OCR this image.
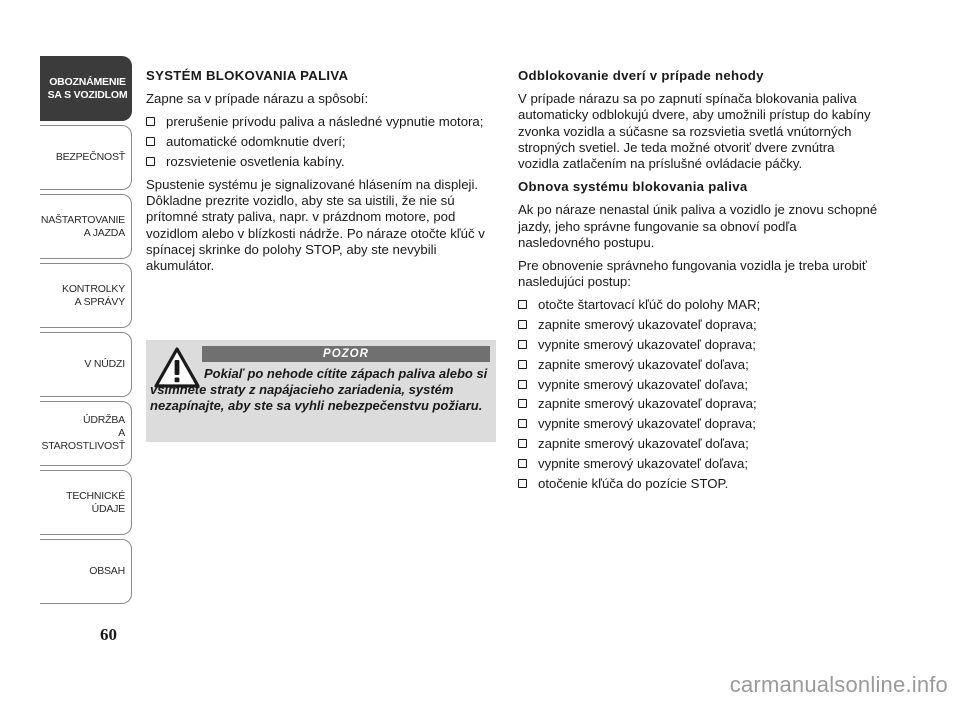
OBOZNÁMENIE
SA S VOZIDLOM
BEZPEČNOSŤ
NAŠTARTOVANIE
A JAZDA
KONTROLKY
A SPRÁVY
V NÚDZI
ÚDRŽBA
A STAROSTLIVOSŤ
TECHNICKÉ
ÚDAJE
OBSAH
60
SYSTÉM BLOKOVANIA PALIVA

Zapne sa v prípade nárazu a spôsobí:

prerušenie prívodu paliva a následné vypnutie motora;
automatické odomknutie dverí;
rozsvietenie osvetlenia kabíny.

Spustenie systému je signalizované hlásením na displeji. Dôkladne prezrite vozidlo, aby ste sa uistili, že nie sú prítomné straty paliva, napr. v prázdnom motore, pod vozidlom alebo v blízkosti nádrže. Po náraze otočte kľúč v spínacej skrinke do polohy STOP, aby ste nevybili akumulátor.

POZOR
Pokiaľ po nehode cítite zápach paliva alebo si všimnete straty z napájacieho zariadenia, systém nezapínajte, aby ste sa vyhli nebezpečenstvu požiaru.
Odblokovanie dverí v prípade nehody

V prípade nárazu sa po zapnutí spínača blokovania paliva automaticky odblokujú dvere, aby umožnili prístup do kabíny zvonka vozidla a súčasne sa rozsvietia svetlá vnútorných stropných svetiel. Je teda možné otvoriť dvere zvnútra vozidla zatlačením na príslušné ovládacie páčky.

Obnova systému blokovania paliva

Ak po náraze nenastal únik paliva a vozidlo je znovu schopné jazdy, jeho správne fungovanie sa obnoví podľa nasledovného postupu.

Pre obnovenie správneho fungovania vozidla je treba urobiť nasledujúci postup:

otočte štartovací kľúč do polohy MAR;
zapnite smerový ukazovateľ doprava;
vypnite smerový ukazovateľ doprava;
zapnite smerový ukazovateľ doľava;
vypnite smerový ukazovateľ doľava;
zapnite smerový ukazovateľ doprava;
vypnite smerový ukazovateľ doprava;
zapnite smerový ukazovateľ doľava;
vypnite smerový ukazovateľ doľava;
otočenie kľúča do pozície STOP.
carmanualsonline.info
